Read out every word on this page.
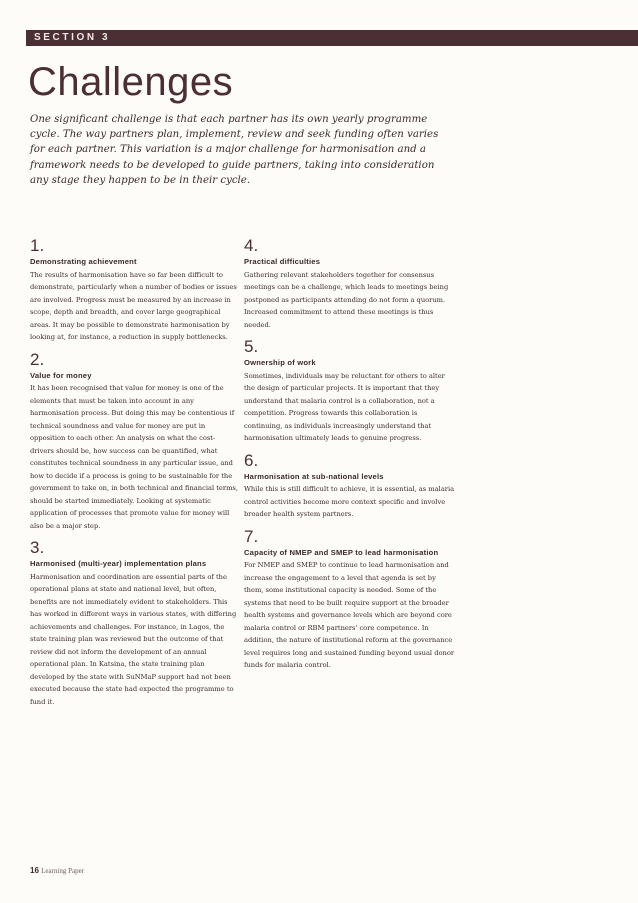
SECTION 3
Challenges

One significant challenge is that each partner has its own yearly programme cycle. The way partners plan, implement, review and seek funding often varies for each partner. This variation is a major challenge for harmonisation and a framework needs to be developed to guide partners, taking into consideration any stage they happen to be in their cycle.

1.
Demonstrating achievement

The results of harmonisation have so far been difficult to demonstrate, particularly when a number of bodies or issues are involved. Progress must be measured by an increase in scope, depth and breadth, and cover large geographical areas. It may be possible to demonstrate harmonisation by looking at, for instance, a reduction in supply bottlenecks.

2.
Value for money

It has been recognised that value for money is one of the elements that must be taken into account in any harmonisation process. But doing this may be contentious if technical soundness and value for money are put in opposition to each other. An analysis on what the cost-drivers should be, how success can be quantified, what constitutes technical soundness in any particular issue, and how to decide if a process is going to be sustainable for the government to take on, in both technical and financial terms, should be started immediately. Looking at systematic application of processes that promote value for money will also be a major step.

3.
Harmonised (multi-year) implementation plans

Harmonisation and coordination are essential parts of the operational plans at state and national level, but often, benefits are not immediately evident to stakeholders. This has worked in different ways in various states, with differing achievements and challenges. For instance, in Lagos, the state training plan was reviewed but the outcome of that review did not inform the development of an annual operational plan. In Katsina, the state training plan developed by the state with SuNMaP support had not been executed because the state had expected the programme to fund it.

4.
Practical difficulties

Gathering relevant stakeholders together for consensus meetings can be a challenge, which leads to meetings being postponed as participants attending do not form a quorum. Increased commitment to attend these meetings is thus needed.

5.
Ownership of work

Sometimes, individuals may be reluctant for others to alter the design of particular projects. It is important that they understand that malaria control is a collaboration, not a competition. Progress towards this collaboration is continuing, as individuals increasingly understand that harmonisation ultimately leads to genuine progress.

6.
Harmonisation at sub-national levels

While this is still difficult to achieve, it is essential, as malaria control activities become more context specific and involve broader health system partners.

7.
Capacity of NMEP and SMEP to lead harmonisation

For NMEP and SMEP to continue to lead harmonisation and increase the engagement to a level that agenda is set by them, some institutional capacity is needed. Some of the systems that need to be built require support at the broader health systems and governance levels which are beyond core malaria control or RBM partners' core competence. In addition, the nature of institutional reform at the governance level requires long and sustained funding beyond usual donor funds for malaria control.

16 Learning Paper
